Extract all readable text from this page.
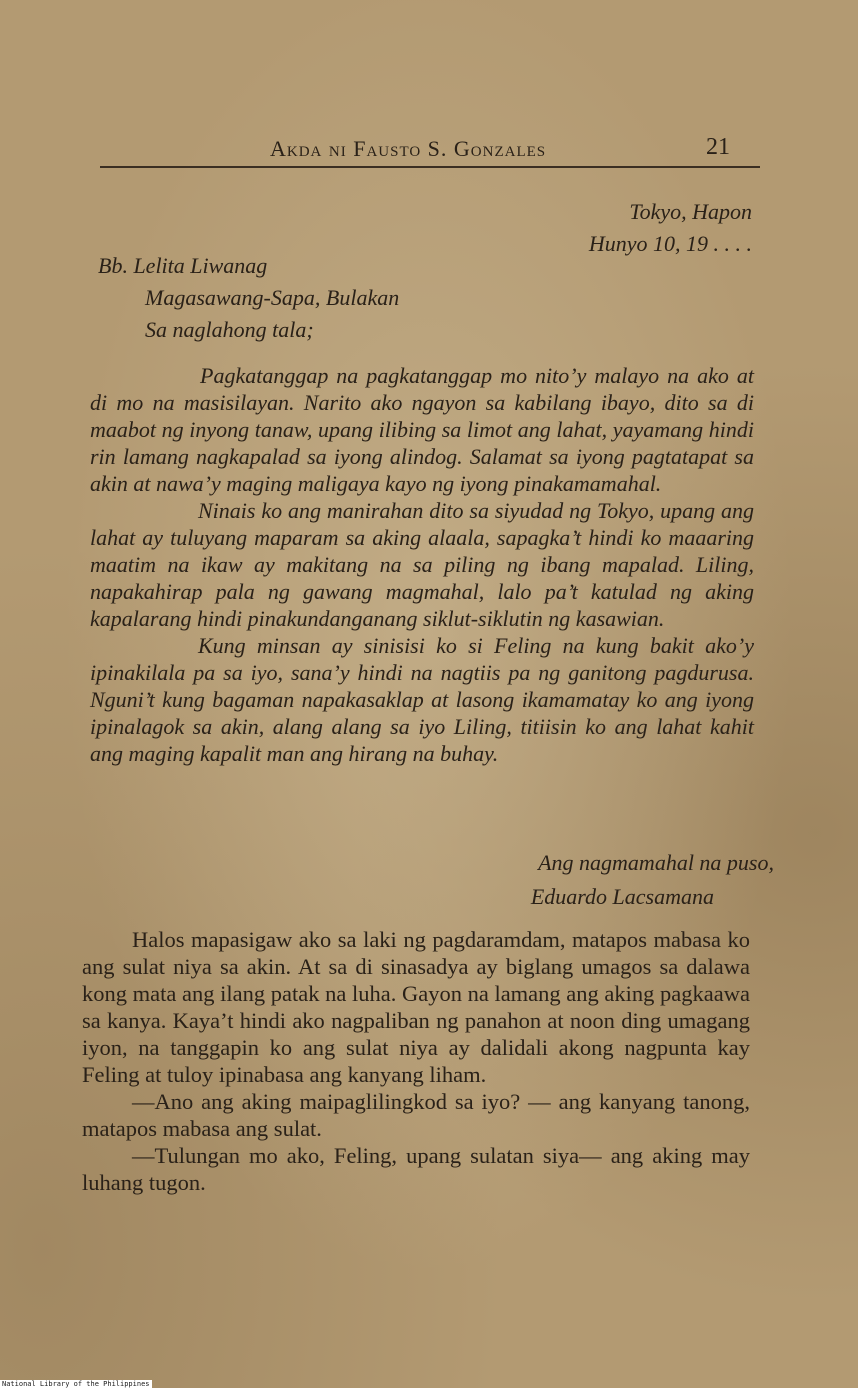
Akda ni Fausto S. Gonzales	21
Tokyo, Hapon
Hunyo 10, 19 . . . .
Bb. Lelita Liwanag
Magasawang-Sapa, Bulakan
Sa naglahong tala;

Pagkatanggap na pagkatanggap mo nito’y malayo na ako at di mo na masisilayan. Narito ako ngayon sa kabilang ibayo, dito sa di maabot ng inyong tanaw, upang ilibing sa limot ang lahat, yayamang hindi rin lamang nagkapalad sa iyong alindog. Salamat sa iyong pagtatapat sa akin at nawa’y maging maligaya kayo ng iyong pinakamamahal.

Ninais ko ang manirahan dito sa siyudad ng Tokyo, upang ang lahat ay tuluyang maparam sa aking alaala, sapagka’t hindi ko maaaring maatim na ikaw ay makitang na sa piling ng ibang mapalad. Liling, napakahirap pala ng gawang magmahal, lalo pa’t katulad ng aking kapalarang hindi pinakundanganang siklut-siklutin ng kasawian.

Kung minsan ay sinisisi ko si Feling na kung bakit ako’y ipinakilala pa sa iyo, sana’y hindi na nagtiis pa ng ganitong pagdurusa. Nguni’t kung bagaman napakasaklap at lasong ikamamatay ko ang iyong ipinalagok sa akin, alang alang sa iyo Liling, titiisin ko ang lahat kahit ang maging kapalit man ang hirang na buhay.

Ang nagmamahal na puso,
Eduardo Lacsamana

Halos mapasigaw ako sa laki ng pagdaramdam, matapos mabasa ko ang sulat niya sa akin. At sa di sinasadya ay biglang umagos sa dalawa kong mata ang ilang patak na luha. Gayon na lamang ang aking pagkaawa sa kanya. Kaya’t hindi ako nagpaliban ng panahon at noon ding umagang iyon, na tanggapin ko ang sulat niya ay dalidali akong nagpunta kay Feling at tuloy ipinabasa ang kanyang liham.

—Ano ang aking maipaglilingkod sa iyo? — ang kanyang tanong, matapos mabasa ang sulat.

—Tulungan mo ako, Feling, upang sulatan siya— ang aking may luhang tugon.

National Library of the Philippines
